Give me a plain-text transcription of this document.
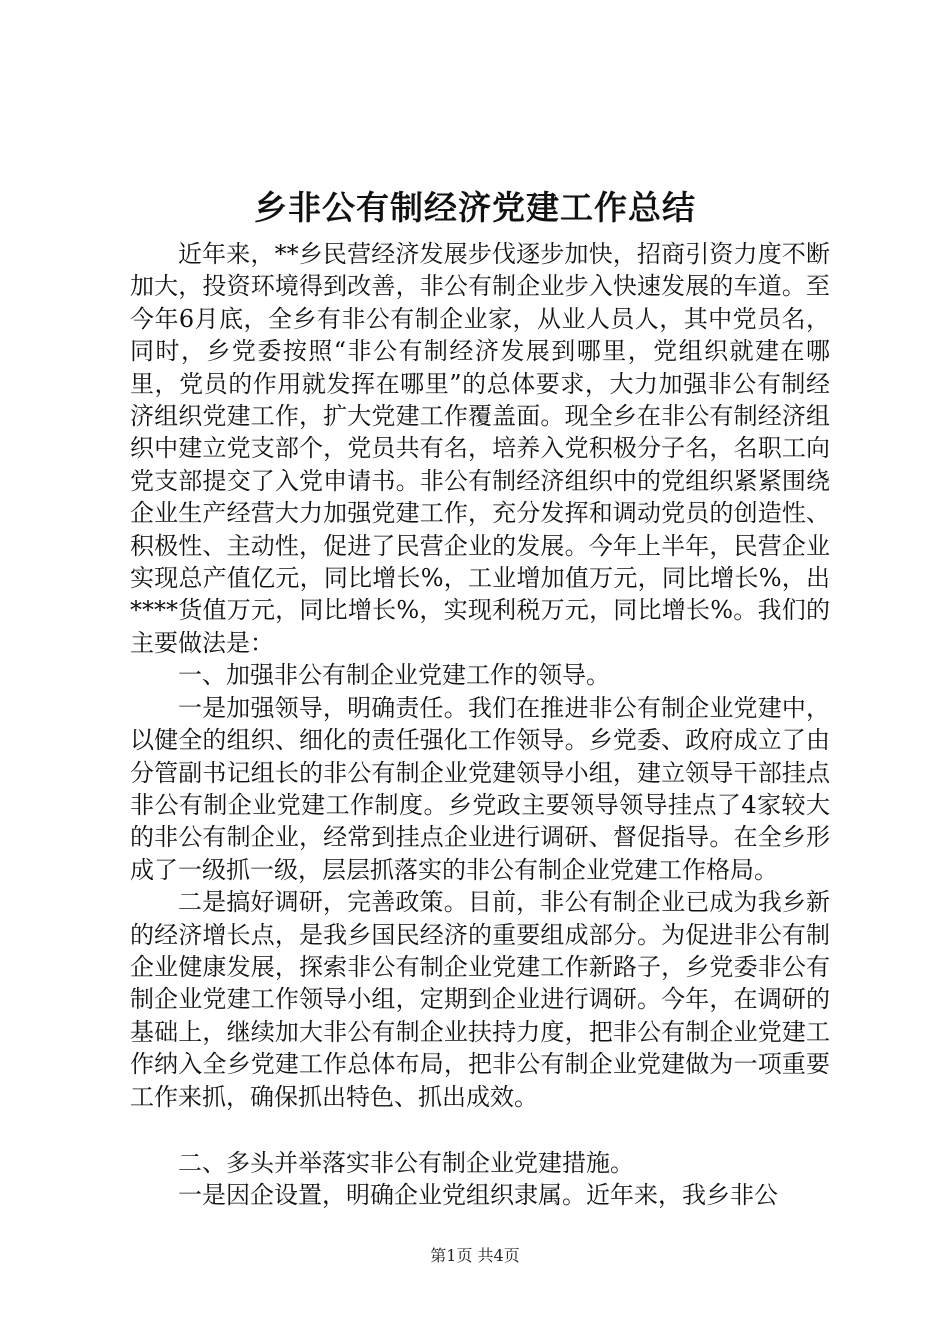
乡非公有制经济党建工作总结

近年来，**乡民营经济发展步伐逐步加快，招商引资力度不断加大，投资环境得到改善，非公有制企业步入快速发展的车道。至今年6月底，全乡有非公有制企业家，从业人员人，其中党员名，同时，乡党委按照“非公有制经济发展到哪里，党组织就建在哪里，党员的作用就发挥在哪里”的总体要求，大力加强非公有制经济组织党建工作，扩大党建工作覆盖面。现全乡在非公有制经济组织中建立党支部个，党员共有名，培养入党积极分子名，名职工向党支部提交了入党申请书。非公有制经济组织中的党组织紧紧围绕企业生产经营大力加强党建工作，充分发挥和调动党员的创造性、积极性、主动性，促进了民营企业的发展。今年上半年，民营企业实现总产值亿元，同比增长%，工业增加值万元，同比增长%，出****货值万元，同比增长%，实现利税万元，同比增长%。我们的主要做法是：

一、加强非公有制企业党建工作的领导。

一是加强领导，明确责任。我们在推进非公有制企业党建中，以健全的组织、细化的责任强化工作领导。乡党委、政府成立了由分管副书记组长的非公有制企业党建领导小组，建立领导干部挂点非公有制企业党建工作制度。乡党政主要领导领导挂点了4家较大的非公有制企业，经常到挂点企业进行调研、督促指导。在全乡形成了一级抓一级，层层抓落实的非公有制企业党建工作格局。

二是搞好调研，完善政策。目前，非公有制企业已成为我乡新的经济增长点，是我乡国民经济的重要组成部分。为促进非公有制企业健康发展，探索非公有制企业党建工作新路子，乡党委非公有制企业党建工作领导小组，定期到企业进行调研。今年，在调研的基础上，继续加大非公有制企业扶持力度，把非公有制企业党建工作纳入全乡党建工作总体布局，把非公有制企业党建做为一项重要工作来抓，确保抓出特色、抓出成效。

二、多头并举落实非公有制企业党建措施。

一是因企设置，明确企业党组织隶属。近年来，我乡非公

第1页 共4页
